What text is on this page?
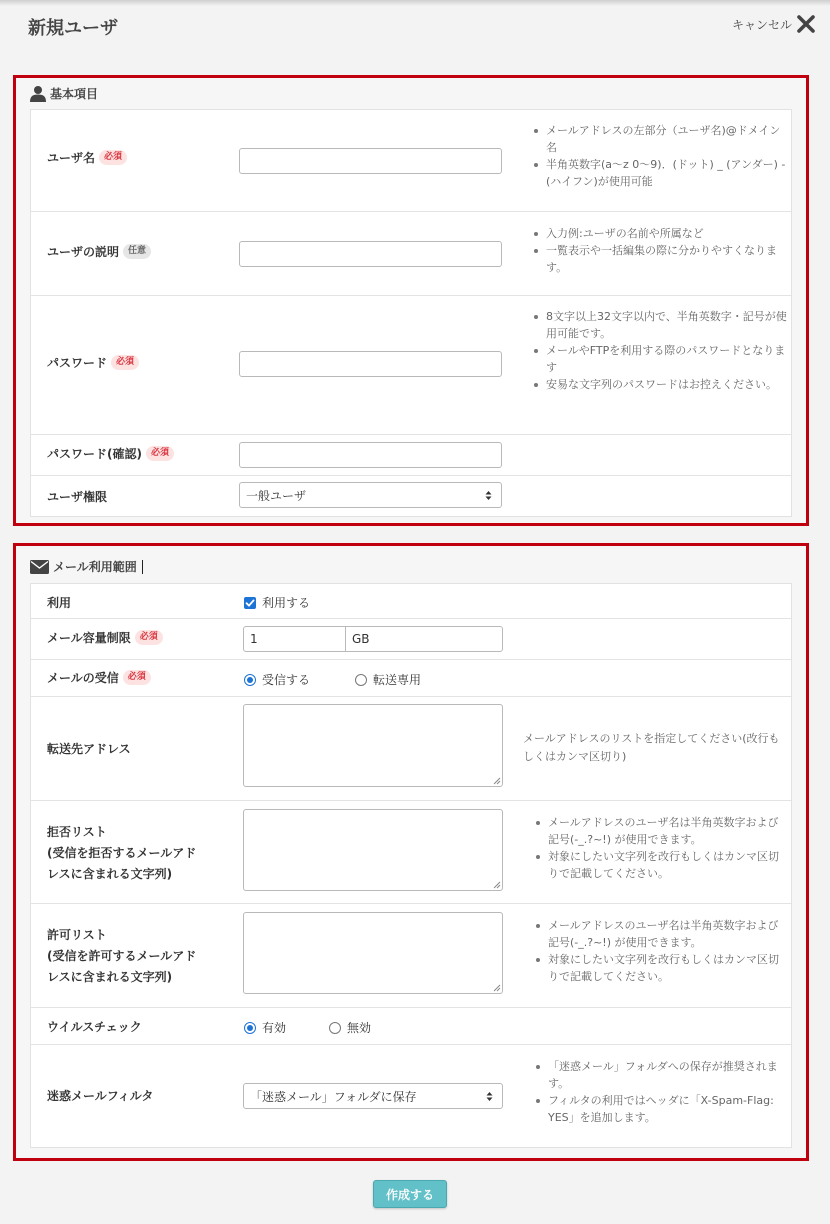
新規ユーザ	キャンセル
基本項目
ユーザ名	必須
メールアドレスの左部分（ユーザ名)@ドメイン名
半角英数字(a〜z 0〜9)．(ドット) _ (アンダー) - (ハイフン)が使用可能
ユーザの説明	任意
入力例:ユーザの名前や所属など
一覧表示や一括編集の際に分かりやすくなります。
パスワード	必須
8文字以上32文字以内で、半角英数字・記号が使用可能です。
メールやFTPを利用する際のパスワードとなります
安易な文字列のパスワードはお控えください。
パスワード(確認)	必須
ユーザ権限	一般ユーザ
メール利用範囲
利用	利用する
メール容量制限	必須	1	GB
メールの受信	必須	受信する	転送専用
転送先アドレス
メールアドレスのリストを指定してください(改行もしくはカンマ区切り)
拒否リスト
(受信を拒否するメールアド
レスに含まれる文字列)
メールアドレスのユーザ名は半角英数字および記号(-_.?~!) が使用できます。
対象にしたい文字列を改行もしくはカンマ区切りで記載してください。
許可リスト
(受信を許可するメールアド
レスに含まれる文字列)
メールアドレスのユーザ名は半角英数字および記号(-_.?~!) が使用できます。
対象にしたい文字列を改行もしくはカンマ区切りで記載してください。
ウイルスチェック	有効	無効
迷惑メールフィルタ	「迷惑メール」フォルダに保存
「迷惑メール」フォルダへの保存が推奨されます。
フィルタの利用ではヘッダに「X-Spam-Flag: YES」を追加します。
作成する
